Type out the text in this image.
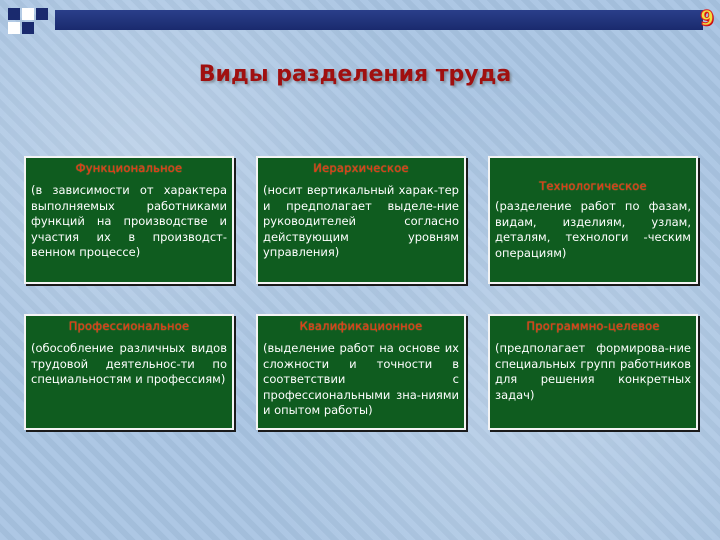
9
Виды разделения труда
Функциональное
(в зависимости от характера выполняемых работниками функций на производстве и участия их в производст-венном процессе)
Иерархическое
(носит вертикальный харак-тер и предполагает выделе-ние руководителей согласно действующим уровням управления)
Технологическое
(разделение работ по фазам, видам, изделиям, узлам, деталям, технологи -ческим операциям)
Профессиональное
(обособление различных видов трудовой деятельнос-ти по специальностям и профессиям)
Квалификационное
(выделение работ на основе их сложности и точности в соответствии с профессиональными зна-ниями и опытом работы)
Программно-целевое
(предполагает формирова-ние специальных групп работников для решения конкретных задач)
